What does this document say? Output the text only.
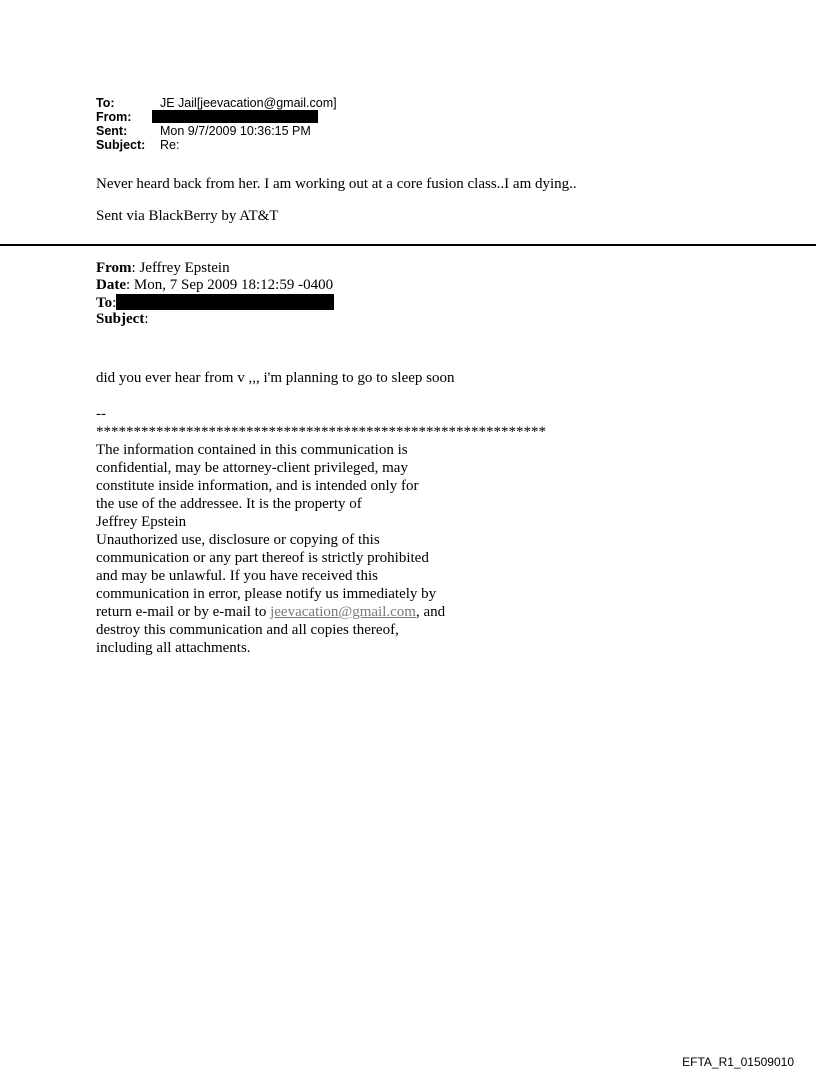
To:	JE Jail[jeevacation@gmail.com]
From:
Sent:	Mon 9/7/2009 10:36:15 PM
Subject:	Re:

Never heard back from her. I am working out at a core fusion class..I am dying..

Sent via BlackBerry by AT&T

From: Jeffrey Epstein
Date: Mon, 7 Sep 2009 18:12:59 -0400
To:
Subject:
did you ever hear from v ,,, i'm planning to go to sleep soon
--
************************************************************
The information contained in this communication is
confidential, may be attorney-client privileged, may
constitute inside information, and is intended only for
the use of the addressee. It is the property of
Jeffrey Epstein
Unauthorized use, disclosure or copying of this
communication or any part thereof is strictly prohibited
and may be unlawful. If you have received this
communication in error, please notify us immediately by
return e-mail or by e-mail to jeevacation@gmail.com, and
destroy this communication and all copies thereof,
including all attachments.
EFTA_R1_01509010
